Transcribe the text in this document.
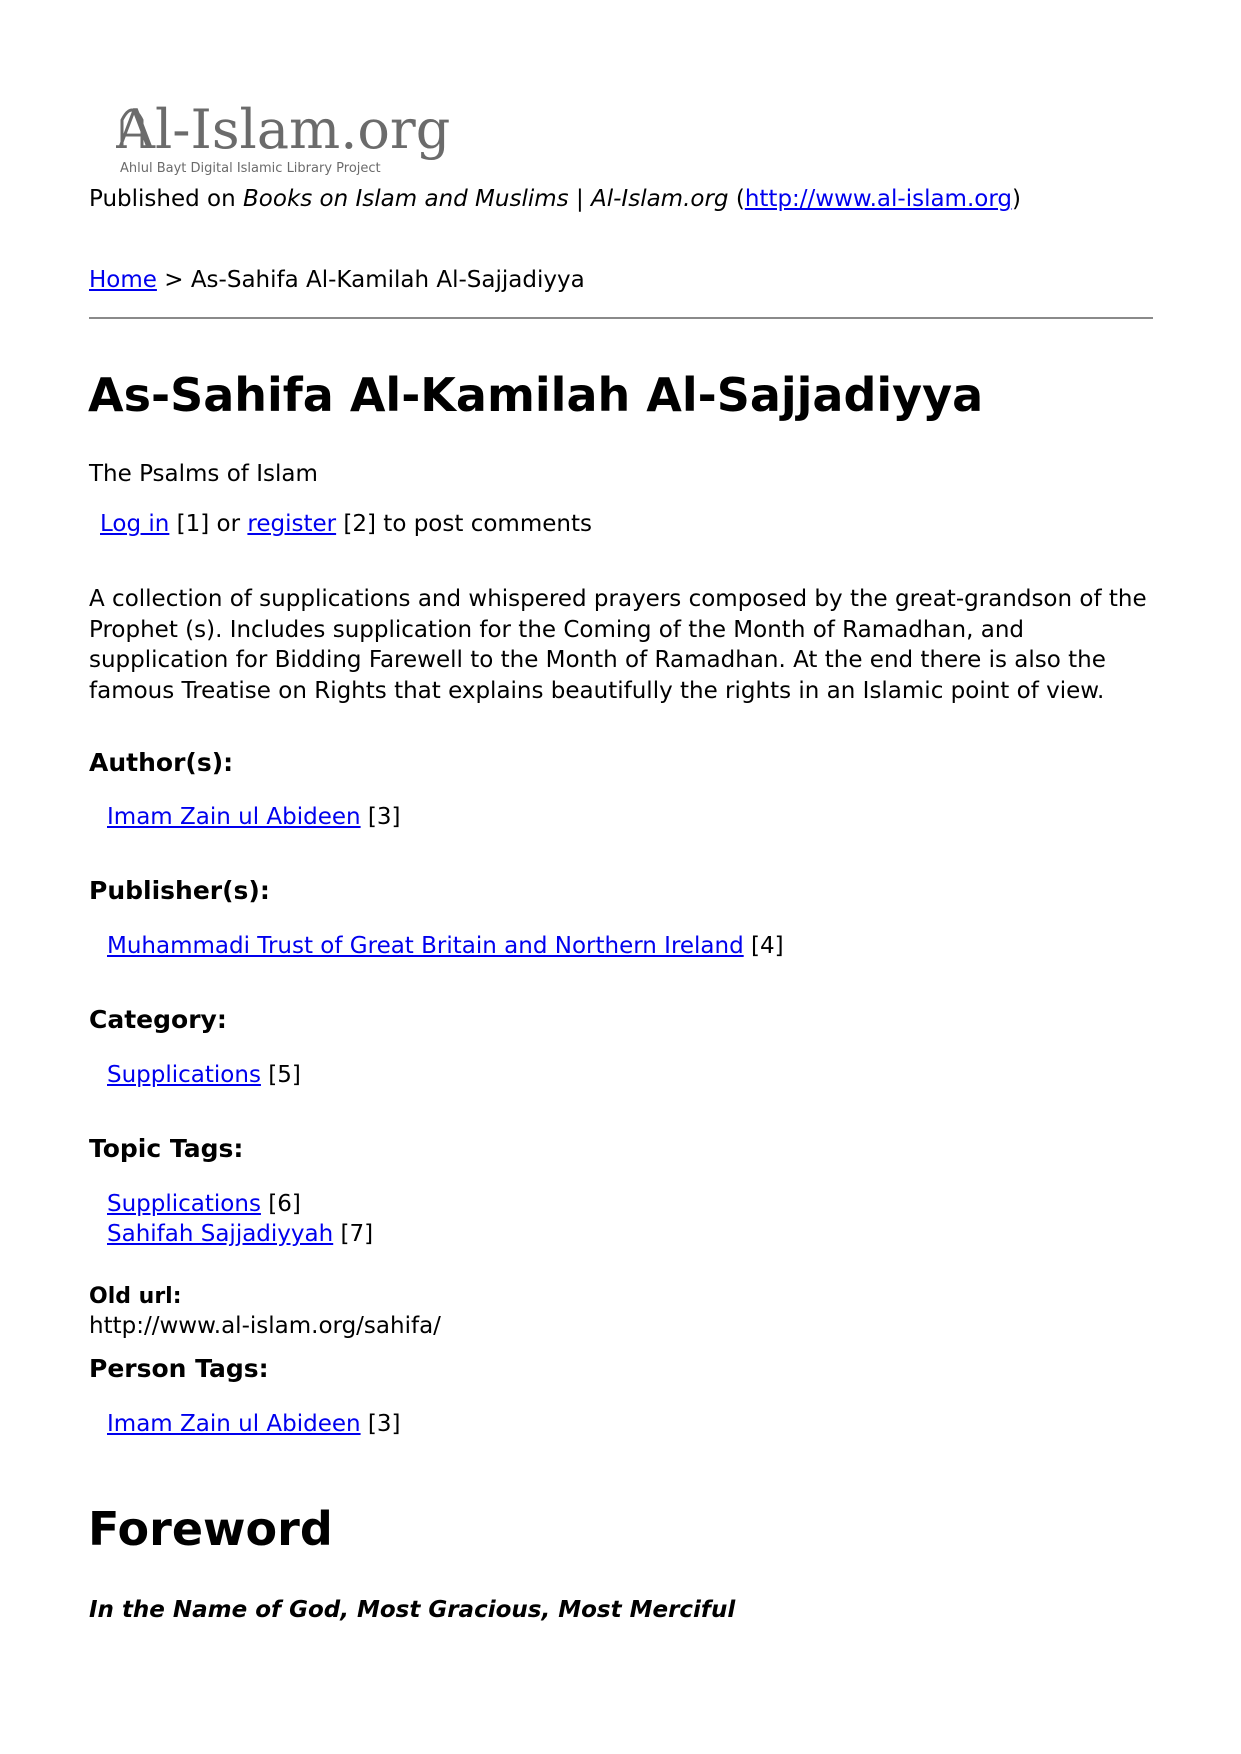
Al-Islam.org
Ahlul Bayt Digital Islamic Library Project
Published on Books on Islam and Muslims | Al-Islam.org (http://www.al-islam.org)
Home > As-Sahifa Al-Kamilah Al-Sajjadiyya
As-Sahifa Al-Kamilah Al-Sajjadiyya
The Psalms of Islam
Log in [1] or register [2] to post comments

A collection of supplications and whispered prayers composed by the great-grandson of the Prophet (s). Includes supplication for the Coming of the Month of Ramadhan, and supplication for Bidding Farewell to the Month of Ramadhan. At the end there is also the famous Treatise on Rights that explains beautifully the rights in an Islamic point of view.

Author(s):
Imam Zain ul Abideen [3]
Publisher(s):
Muhammadi Trust of Great Britain and Northern Ireland [4]
Category:
Supplications [5]
Topic Tags:
Supplications [6]
Sahifah Sajjadiyyah [7]
Old url:
http://www.al-islam.org/sahifa/
Person Tags:
Imam Zain ul Abideen [3]
Foreword
In the Name of God, Most Gracious, Most Merciful
